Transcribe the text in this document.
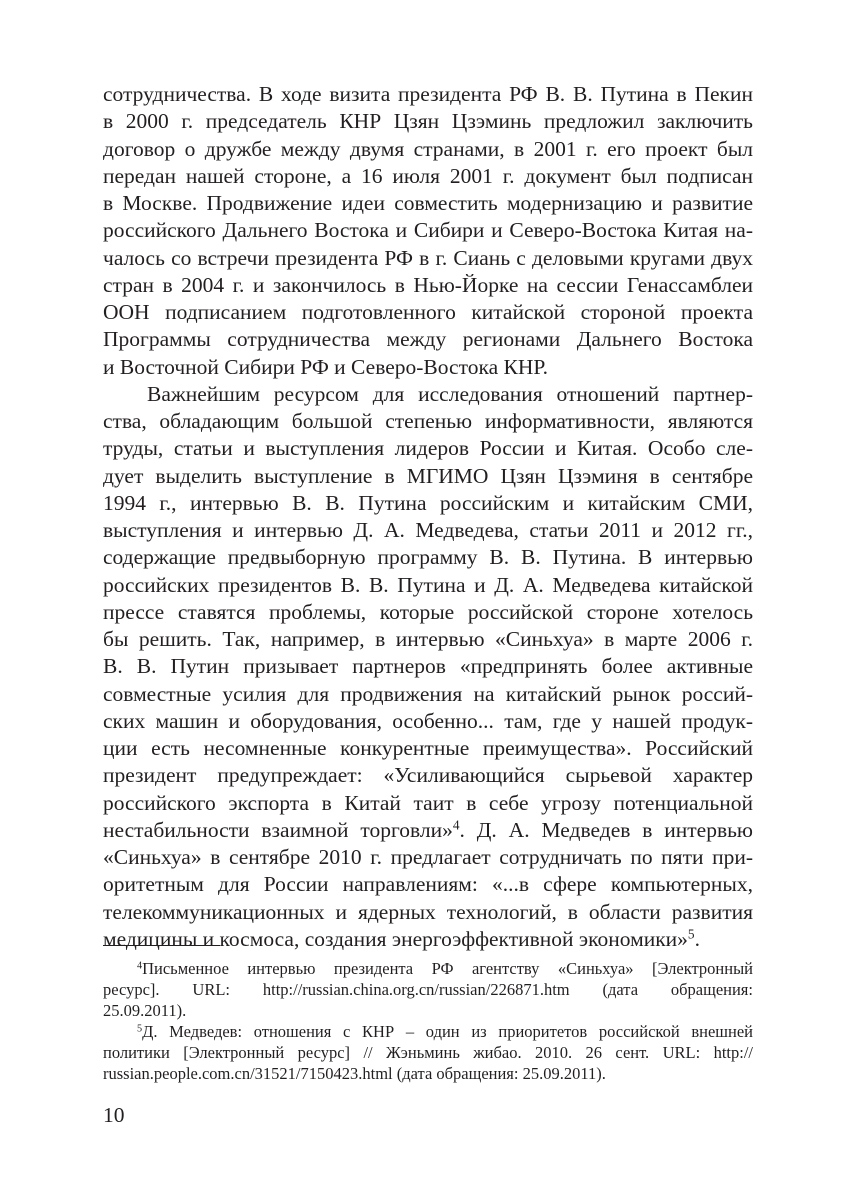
сотрудничества. В ходе визита президента РФ В. В. Путина в Пекин
в 2000 г. председатель КНР Цзян Цзэминь предложил заключить
договор о дружбе между двумя странами, в 2001 г. его проект был
передан нашей стороне, а 16 июля 2001 г. документ был подписан
в Москве. Продвижение идеи совместить модернизацию и развитие
российского Дальнего Востока и Сибири и Северо-Востока Китая на-
чалось со встречи президента РФ в г. Сиань с деловыми кругами двух
стран в 2004 г. и закончилось в Нью-Йорке на сессии Генассамблеи
ООН подписанием подготовленного китайской стороной проекта
Программы сотрудничества между регионами Дальнего Востока
и Восточной Сибири РФ и Северо-Востока КНР.
Важнейшим ресурсом для исследования отношений партнер-
ства, обладающим большой степенью информативности, являются
труды, статьи и выступления лидеров России и Китая. Особо сле-
дует выделить выступление в МГИМО Цзян Цзэминя в сентябре
1994 г., интервью В. В. Путина российским и китайским СМИ,
выступления и интервью Д. А. Медведева, статьи 2011 и 2012 гг.,
содержащие предвыборную программу В. В. Путина. В интервью
российских президентов В. В. Путина и Д. А. Медведева китайской
прессе ставятся проблемы, которые российской стороне хотелось
бы решить. Так, например, в интервью «Синьхуа» в марте 2006 г.
В. В. Путин призывает партнеров «предпринять более активные
совместные усилия для продвижения на китайский рынок россий-
ских машин и оборудования, особенно... там, где у нашей продук-
ции есть несомненные конкурентные преимущества». Российский
президент предупреждает: «Усиливающийся сырьевой характер
российского экспорта в Китай таит в себе угрозу потенциальной
нестабильности взаимной торговли»$^4$. Д. А. Медведев в интервью
«Синьхуа» в сентябре 2010 г. предлагает сотрудничать по пяти при-
оритетным для России направлениям: «...в сфере компьютерных,
телекоммуникационных и ядерных технологий, в области развития
медицины и космоса, создания энергоэффективной экономики»$^5$.
$^4$Письменное интервью президента РФ агентству «Синьхуа» [Электронный
ресурс]. URL: http://russian.china.org.cn/russian/226871.htm (дата обращения:
25.09.2011).
$^5$Д. Медведев: отношения с КНР – один из приоритетов российской внешней
политики [Электронный ресурс] // Жэньминь жибао. 2010. 26 сент. URL: http://
russian.people.com.cn/31521/7150423.html (дата обращения: 25.09.2011).
10
